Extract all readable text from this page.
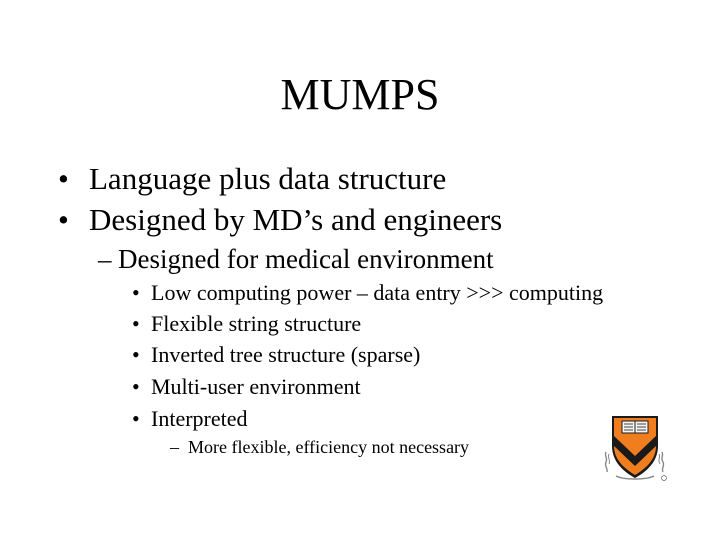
MUMPS
• Language plus data structure
• Designed by MD’s and engineers
– Designed for medical environment
• Low computing power – data entry >>> computing
• Flexible string structure
• Inverted tree structure (sparse)
• Multi-user environment
• Interpreted
– More flexible, efficiency not necessary
